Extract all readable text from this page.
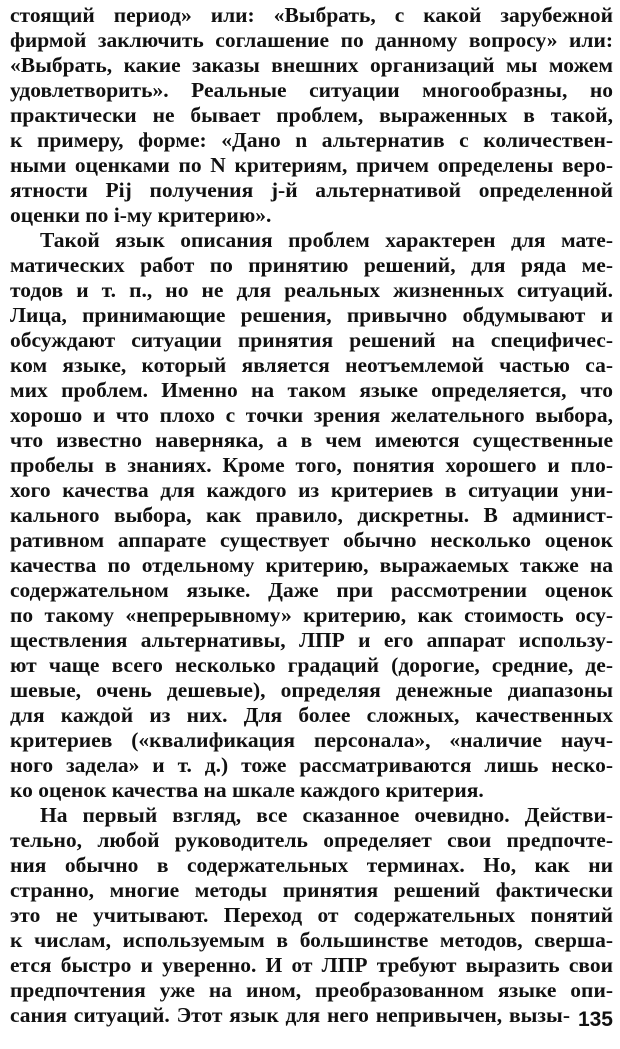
стоящий период» или: «Выбрать, с какой зарубежной
фирмой заключить соглашение по данному вопросу» или:
«Выбрать, какие заказы внешних организаций мы можем
удовлетворить». Реальные ситуации многообразны, но
практически не бывает проблем, выраженных в такой,
к примеру, форме: «Дано n альтернатив с количествен-
ными оценками по N критериям, причем определены веро-
ятности Pij получения j-й альтернативой определенной
оценки по i-му критерию».
Такой язык описания проблем характерен для мате-
матических работ по принятию решений, для ряда ме-
тодов и т. п., но не для реальных жизненных ситуаций.
Лица, принимающие решения, привычно обдумывают и
обсуждают ситуации принятия решений на специфичес-
ком языке, который является неотъемлемой частью са-
мих проблем. Именно на таком языке определяется, что
хорошо и что плохо с точки зрения желательного выбора,
что известно наверняка, а в чем имеются существенные
пробелы в знаниях. Кроме того, понятия хорошего и пло-
хого качества для каждого из критериев в ситуации уни-
кального выбора, как правило, дискретны. В админист-
ративном аппарате существует обычно несколько оценок
качества по отдельному критерию, выражаемых также на
содержательном языке. Даже при рассмотрении оценок
по такому «непрерывному» критерию, как стоимость осу-
ществления альтернативы, ЛПР и его аппарат использу-
ют чаще всего несколько градаций (дорогие, средние, де-
шевые, очень дешевые), определяя денежные диапазоны
для каждой из них. Для более сложных, качественных
критериев («квалификация персонала», «наличие науч-
ного задела» и т. д.) тоже рассматриваются лишь неско-
ко оценок качества на шкале каждого критерия.
На первый взгляд, все сказанное очевидно. Действи-
тельно, любой руководитель определяет свои предпочте-
ния обычно в содержательных терминах. Но, как ни
странно, многие методы принятия решений фактически
это не учитывают. Переход от содержательных понятий
к числам, используемым в большинстве методов, сверша-
ется быстро и уверенно. И от ЛПР требуют выразить свои
предпочтения уже на ином, преобразованном языке опи-
сания ситуаций. Этот язык для него непривычен, вызы- 135
